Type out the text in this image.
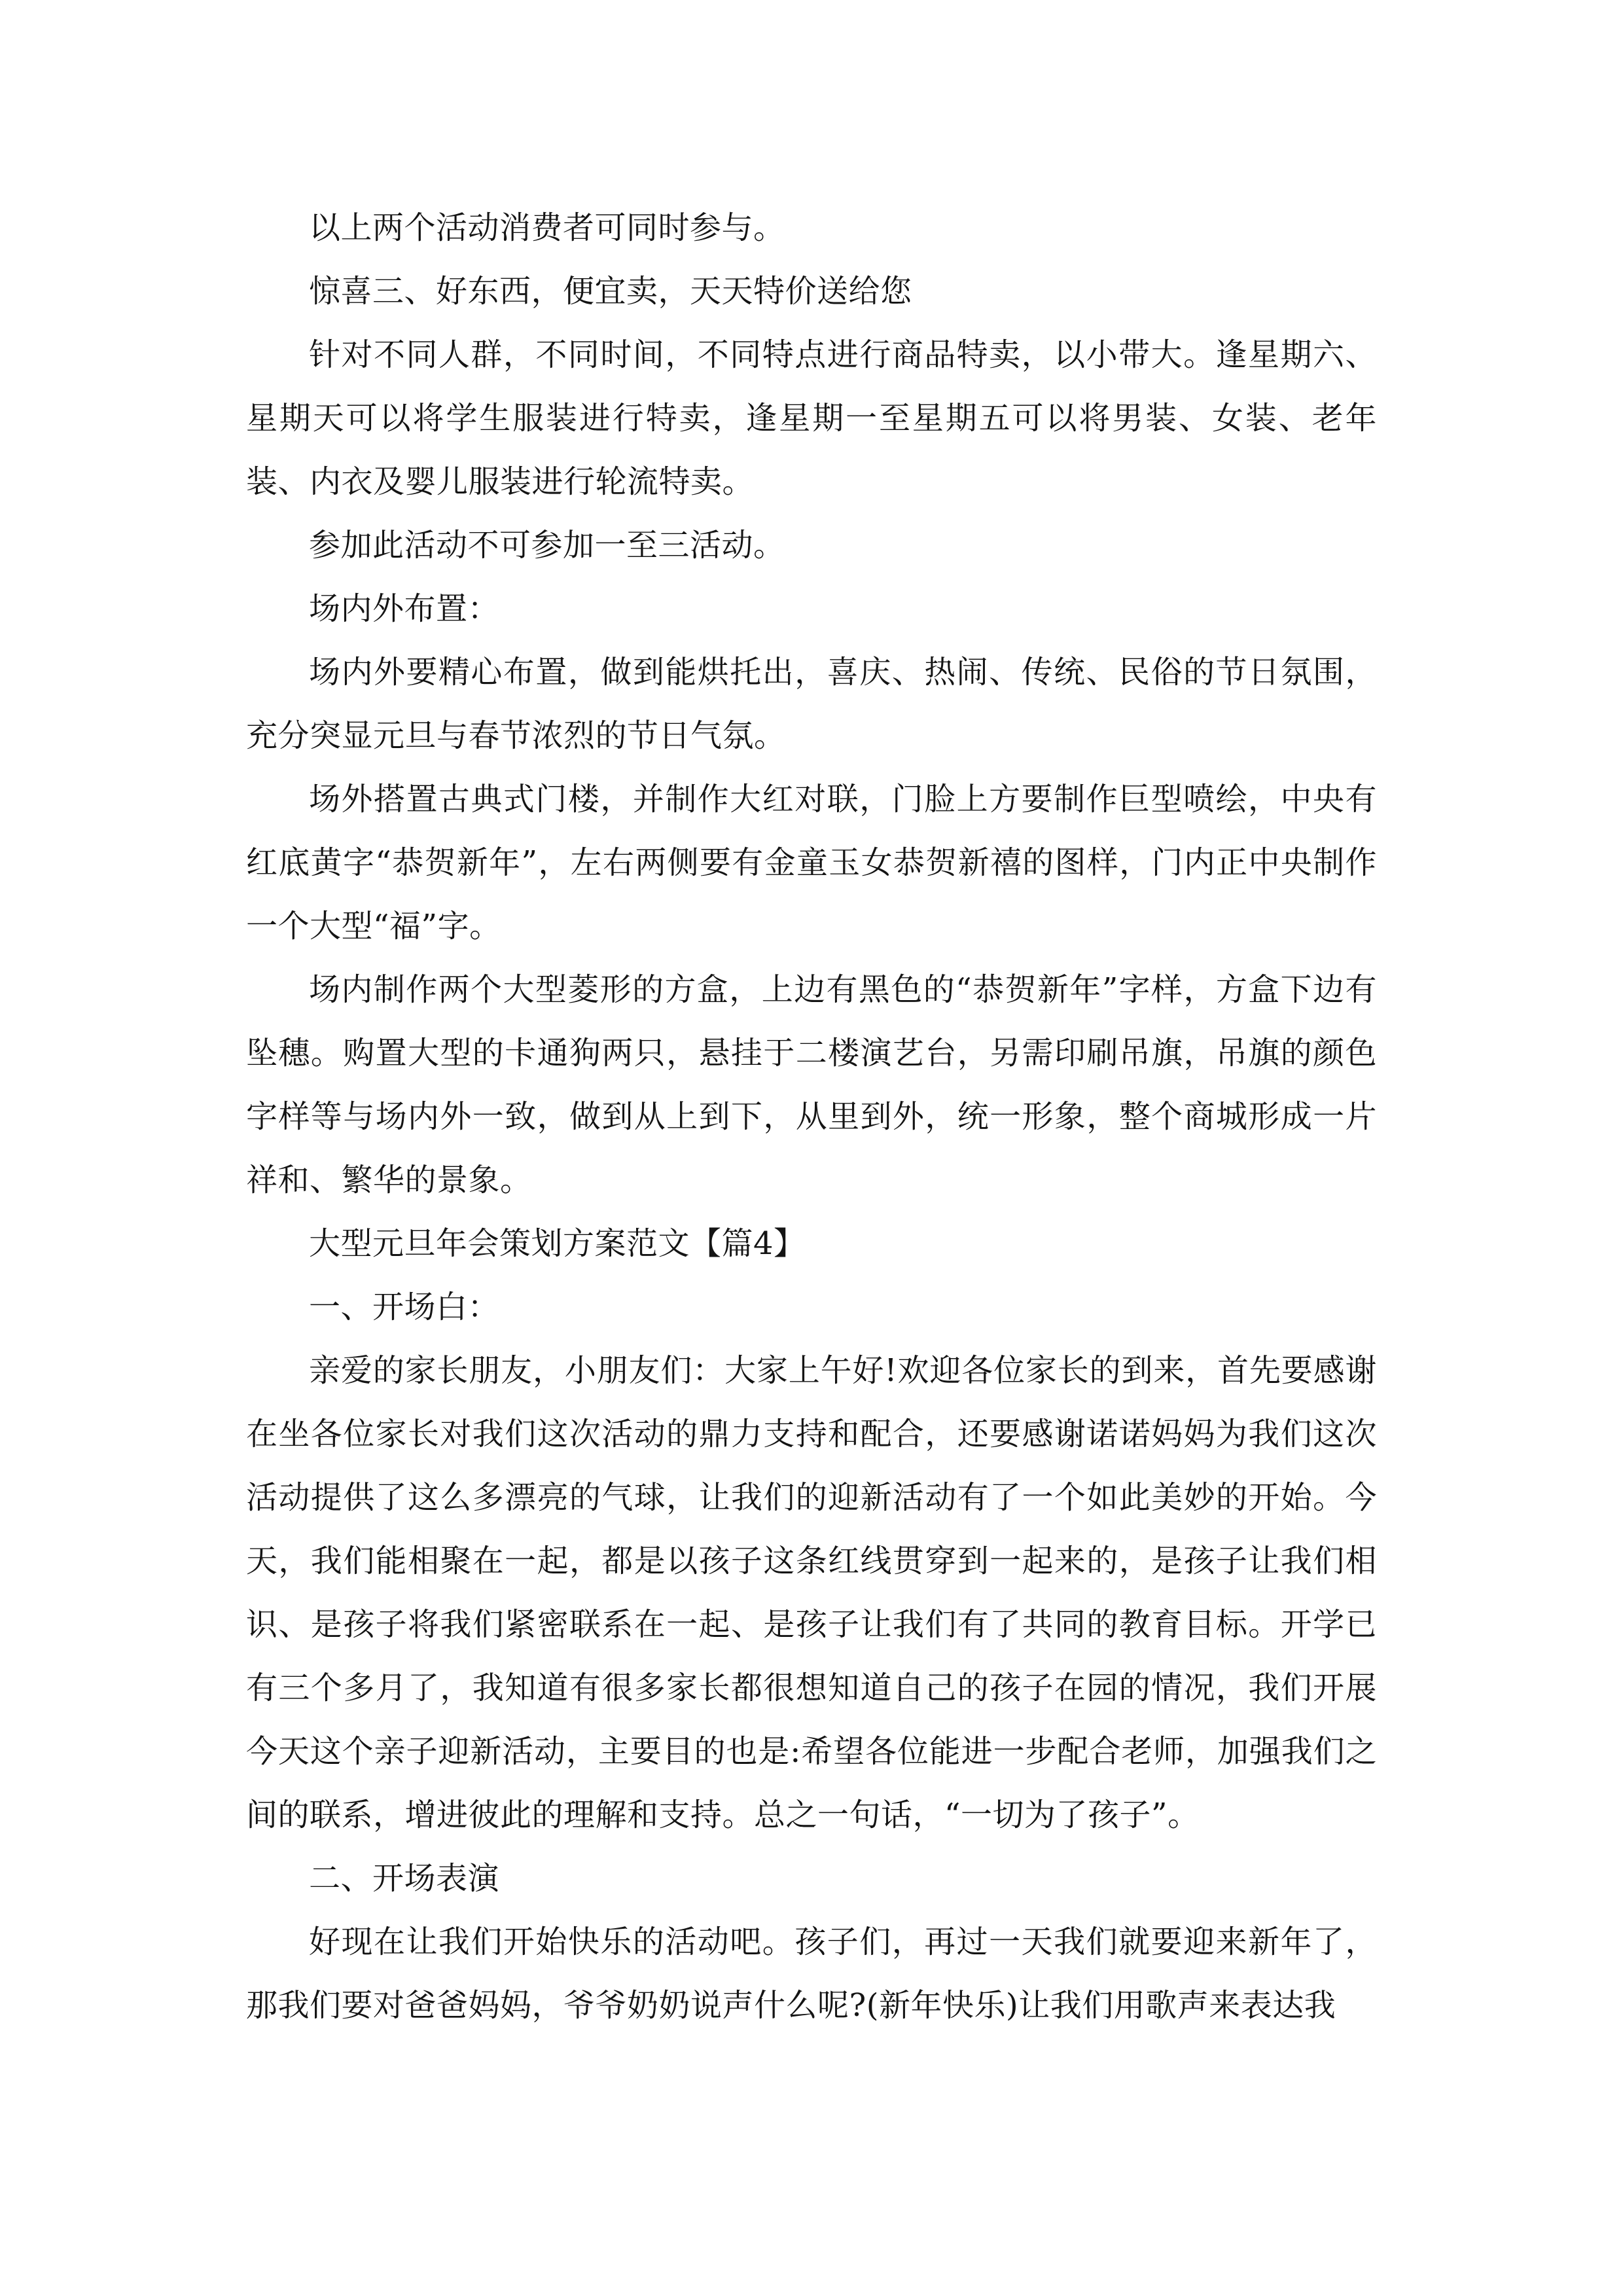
以上两个活动消费者可同时参与。

惊喜三、好东西，便宜卖，天天特价送给您

针对不同人群，不同时间，不同特点进行商品特卖，以小带大。逢星期六、星期天可以将学生服装进行特卖，逢星期一至星期五可以将男装、女装、老年装、内衣及婴儿服装进行轮流特卖。

参加此活动不可参加一至三活动。

场内外布置：

场内外要精心布置，做到能烘托出，喜庆、热闹、传统、民俗的节日氛围，充分突显元旦与春节浓烈的节日气氛。

场外搭置古典式门楼，并制作大红对联，门脸上方要制作巨型喷绘，中央有红底黄字“恭贺新年”，左右两侧要有金童玉女恭贺新禧的图样，门内正中央制作一个大型“福”字。

场内制作两个大型菱形的方盒，上边有黑色的“恭贺新年”字样，方盒下边有坠穗。购置大型的卡通狗两只，悬挂于二楼演艺台，另需印刷吊旗，吊旗的颜色字样等与场内外一致，做到从上到下，从里到外，统一形象，整个商城形成一片祥和、繁华的景象。

大型元旦年会策划方案范文【篇4】

一、开场白：

亲爱的家长朋友，小朋友们：大家上午好!欢迎各位家长的到来，首先要感谢在坐各位家长对我们这次活动的鼎力支持和配合，还要感谢诺诺妈妈为我们这次活动提供了这么多漂亮的气球，让我们的迎新活动有了一个如此美妙的开始。今天，我们能相聚在一起，都是以孩子这条红线贯穿到一起来的，是孩子让我们相识、是孩子将我们紧密联系在一起、是孩子让我们有了共同的教育目标。开学已有三个多月了，我知道有很多家长都很想知道自己的孩子在园的情况，我们开展今天这个亲子迎新活动，主要目的也是:希望各位能进一步配合老师，加强我们之间的联系，增进彼此的理解和支持。总之一句话，“一切为了孩子”。

二、开场表演

好现在让我们开始快乐的活动吧。孩子们，再过一天我们就要迎来新年了，那我们要对爸爸妈妈，爷爷奶奶说声什么呢?(新年快乐)让我们用歌声来表达我
